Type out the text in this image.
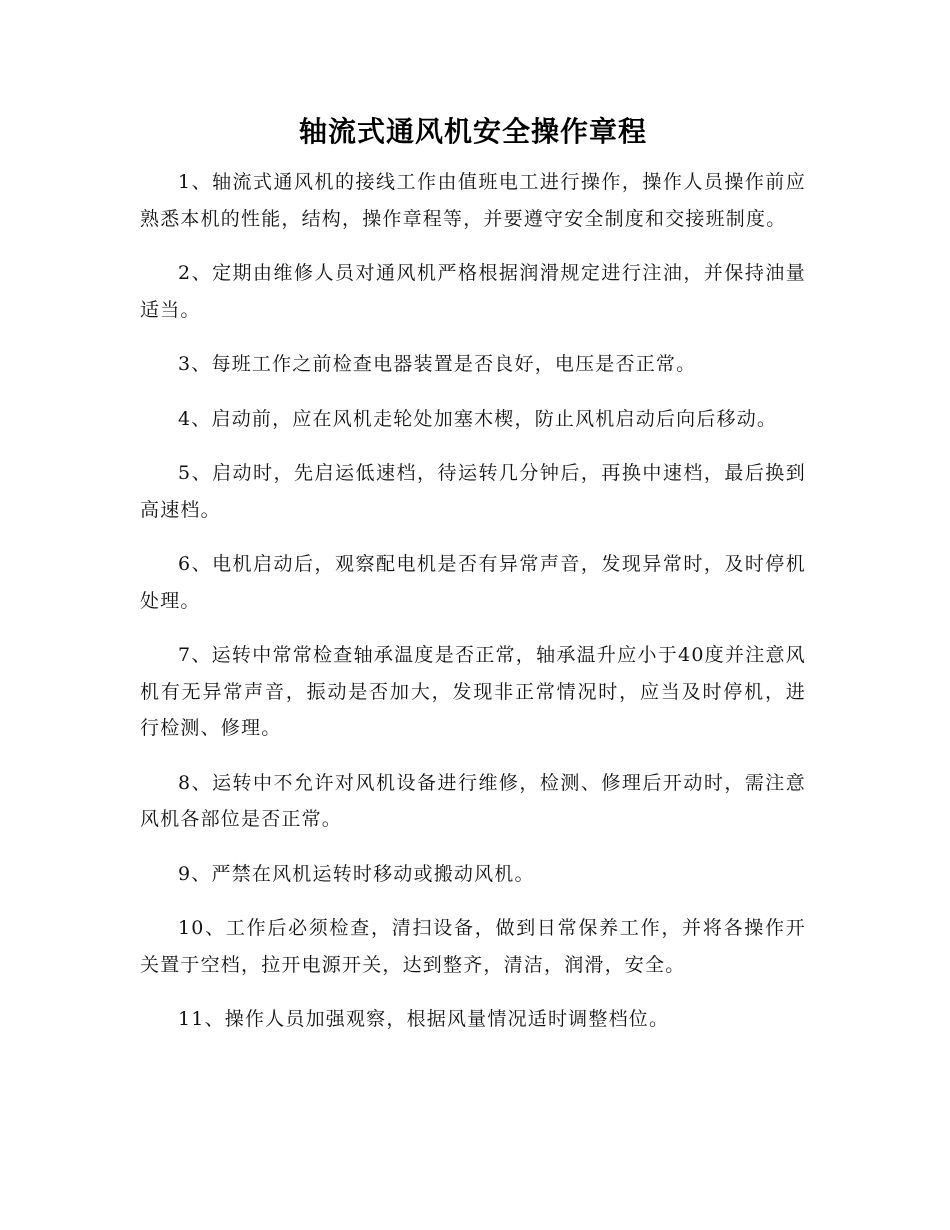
轴流式通风机安全操作章程

1、轴流式通风机的接线工作由值班电工进行操作，操作人员操作前应熟悉本机的性能，结构，操作章程等，并要遵守安全制度和交接班制度。

2、定期由维修人员对通风机严格根据润滑规定进行注油，并保持油量适当。

3、每班工作之前检查电器装置是否良好，电压是否正常。

4、启动前，应在风机走轮处加塞木楔，防止风机启动后向后移动。

5、启动时，先启运低速档，待运转几分钟后，再换中速档，最后换到高速档。

6、电机启动后，观察配电机是否有异常声音，发现异常时，及时停机处理。

7、运转中常常检查轴承温度是否正常，轴承温升应小于40度并注意风机有无异常声音，振动是否加大，发现非正常情况时，应当及时停机，进行检测、修理。

8、运转中不允许对风机设备进行维修，检测、修理后开动时，需注意风机各部位是否正常。

9、严禁在风机运转时移动或搬动风机。

10、工作后必须检查，清扫设备，做到日常保养工作，并将各操作开关置于空档，拉开电源开关，达到整齐，清洁，润滑，安全。

11、操作人员加强观察，根据风量情况适时调整档位。
